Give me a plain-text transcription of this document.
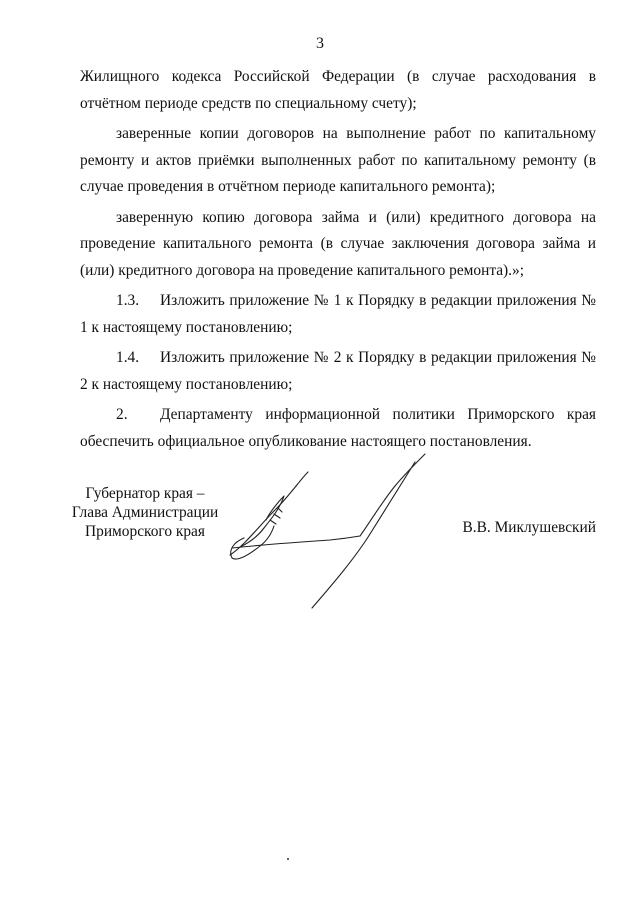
3

Жилищного кодекса Российской Федерации (в случае расходования в отчётном периоде средств по специальному счету);

заверенные копии договоров на выполнение работ по капитальному ремонту и актов приёмки выполненных работ по капитальному ремонту (в случае проведения в отчётном периоде капитального ремонта);

заверенную копию договора займа и (или) кредитного договора на проведение капитального ремонта (в случае заключения договора займа и (или) кредитного договора на проведение капитального ремонта).»;

1.3. Изложить приложение № 1 к Порядку в редакции приложения № 1 к настоящему постановлению;

1.4. Изложить приложение № 2 к Порядку в редакции приложения № 2 к настоящему постановлению;

2. Департаменту информационной политики Приморского края обеспечить официальное опубликование настоящего постановления.

Губернатор края –
Глава Администрации
Приморского края	В.В. Миклушевский
